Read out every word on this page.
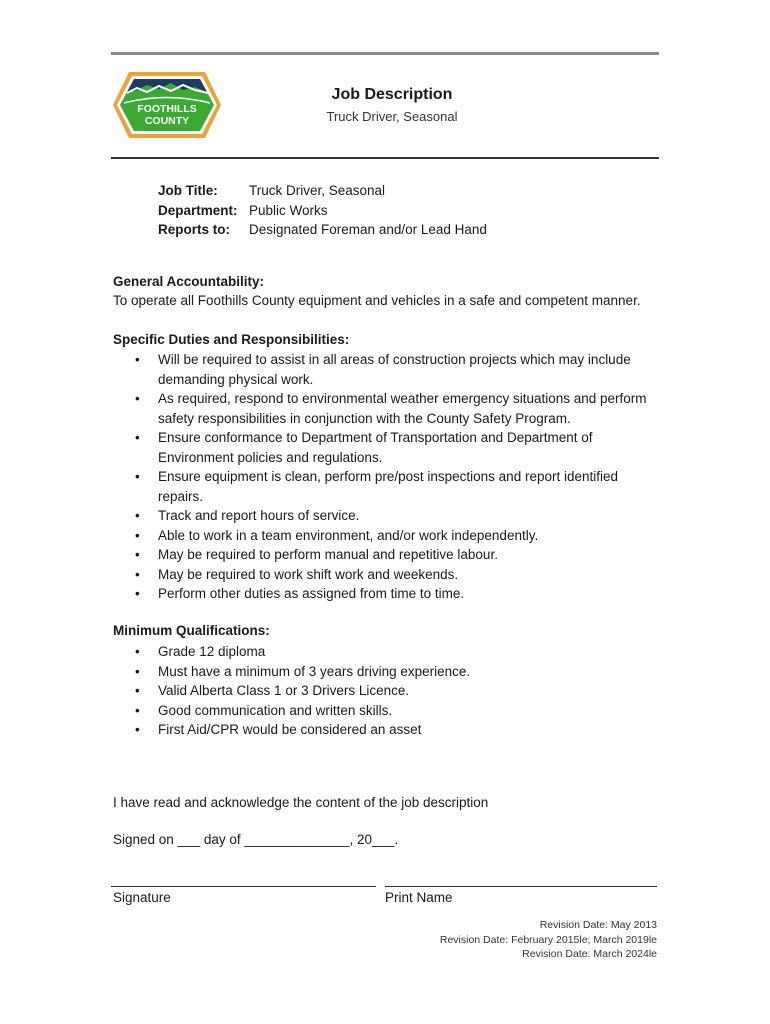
FOOTHILLS
COUNTY
Job Description
Truck Driver, Seasonal
Job Title:	Truck Driver, Seasonal
Department: Public Works
Reports to:	Designated Foreman and/or Lead Hand
General Accountability:
To operate all Foothills County equipment and vehicles in a safe and competent manner.
Specific Duties and Responsibilities:
• Will be required to assist in all areas of construction projects which may include demanding physical work.
• As required, respond to environmental weather emergency situations and perform safety responsibilities in conjunction with the County Safety Program.
• Ensure conformance to Department of Transportation and Department of Environment policies and regulations.
• Ensure equipment is clean, perform pre/post inspections and report identified repairs.
• Track and report hours of service.
• Able to work in a team environment, and/or work independently.
• May be required to perform manual and repetitive labour.
• May be required to work shift work and weekends.
• Perform other duties as assigned from time to time.
Minimum Qualifications:
• Grade 12 diploma
• Must have a minimum of 3 years driving experience.
• Valid Alberta Class 1 or 3 Drivers Licence.
• Good communication and written skills.
• First Aid/CPR would be considered an asset
I have read and acknowledge the content of the job description
Signed on ___ day of ______________, 20___.
Signature	Print Name
Revision Date: May 2013
Revision Date: February 2015le; March 2019le
Revision Date: March 2024le
